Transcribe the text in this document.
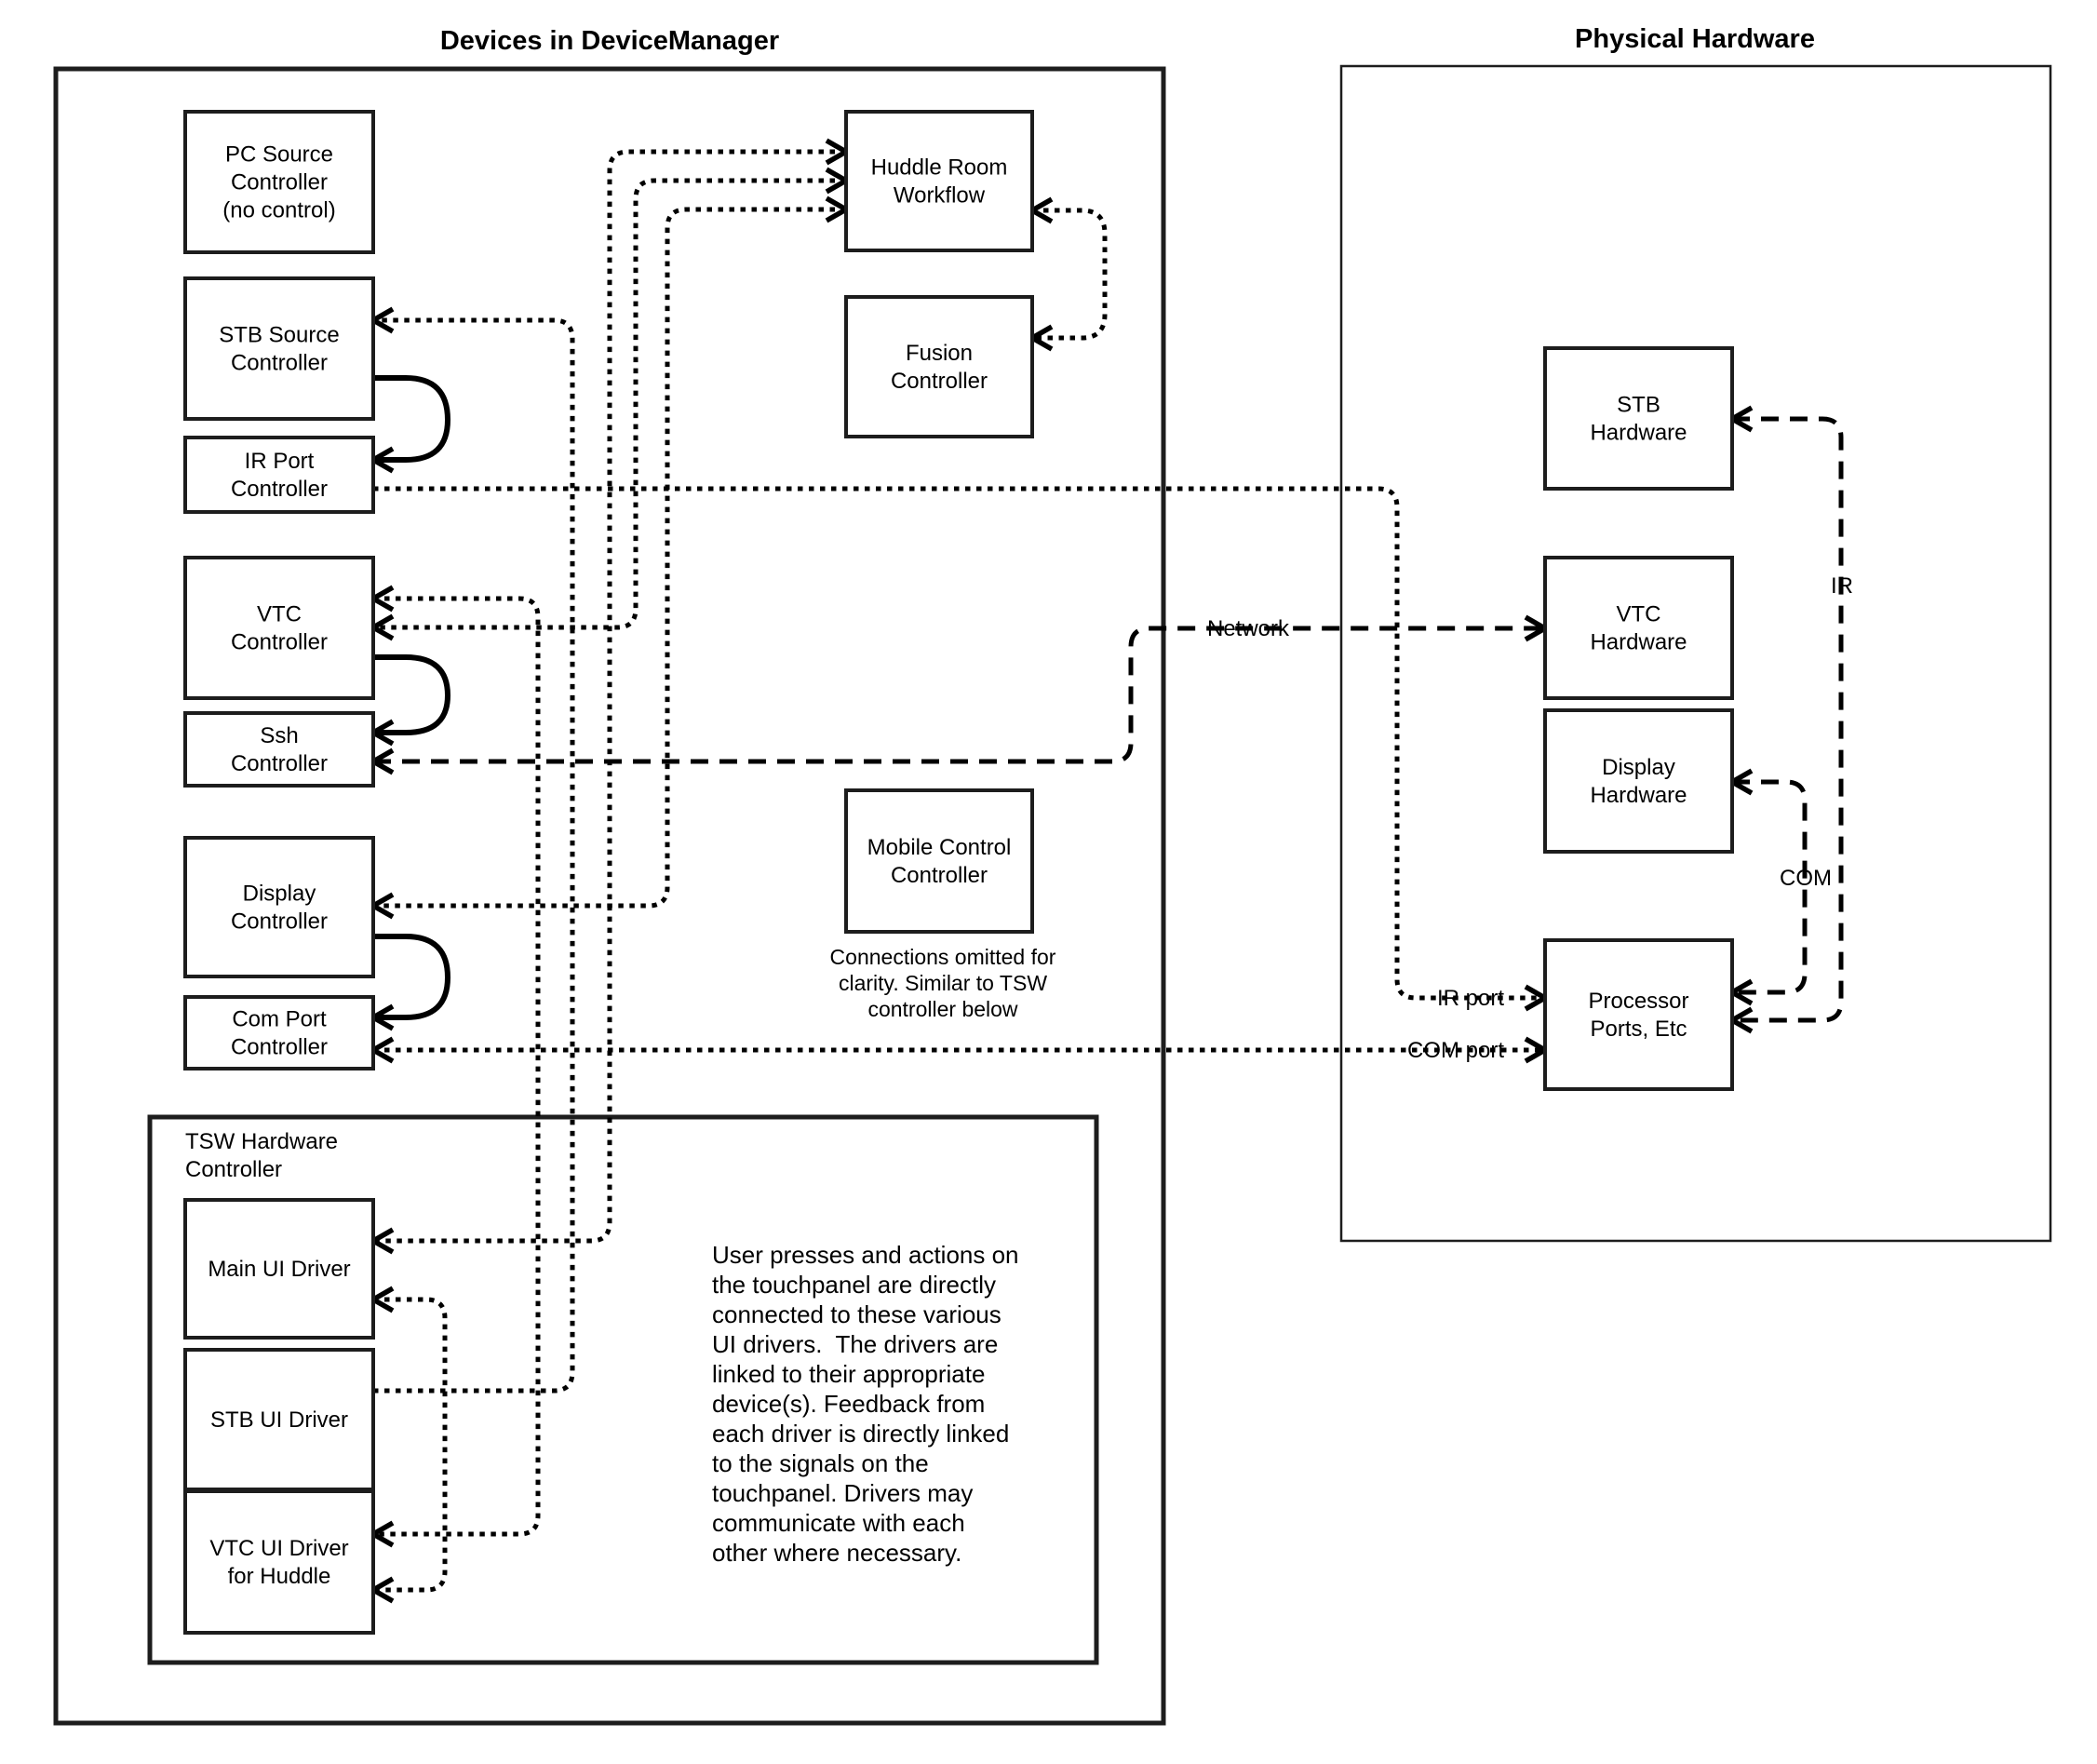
IR port
COM port
Network
IR
COM
PC Source Controller (no control)
STB Source Controller
IR Port Controller
VTC Controller
Ssh Controller
Display Controller
Com Port Controller
Main UI Driver
STB UI Driver
VTC UI Driver for Huddle
Huddle Room Workflow
Fusion Controller
Mobile Control Controller
STB Hardware
VTC Hardware
Display Hardware
Processor Ports, Etc
TSW Hardware Controller
Connections omitted for clarity. Similar to TSW controller below
User presses and actions on the touchpanel are directly connected to these various UI drivers.  The drivers are linked to their appropriate device(s). Feedback from each driver is directly linked to the signals on the touchpanel. Drivers may communicate with each other where necessary.
Devices in DeviceManager	Physical Hardware
